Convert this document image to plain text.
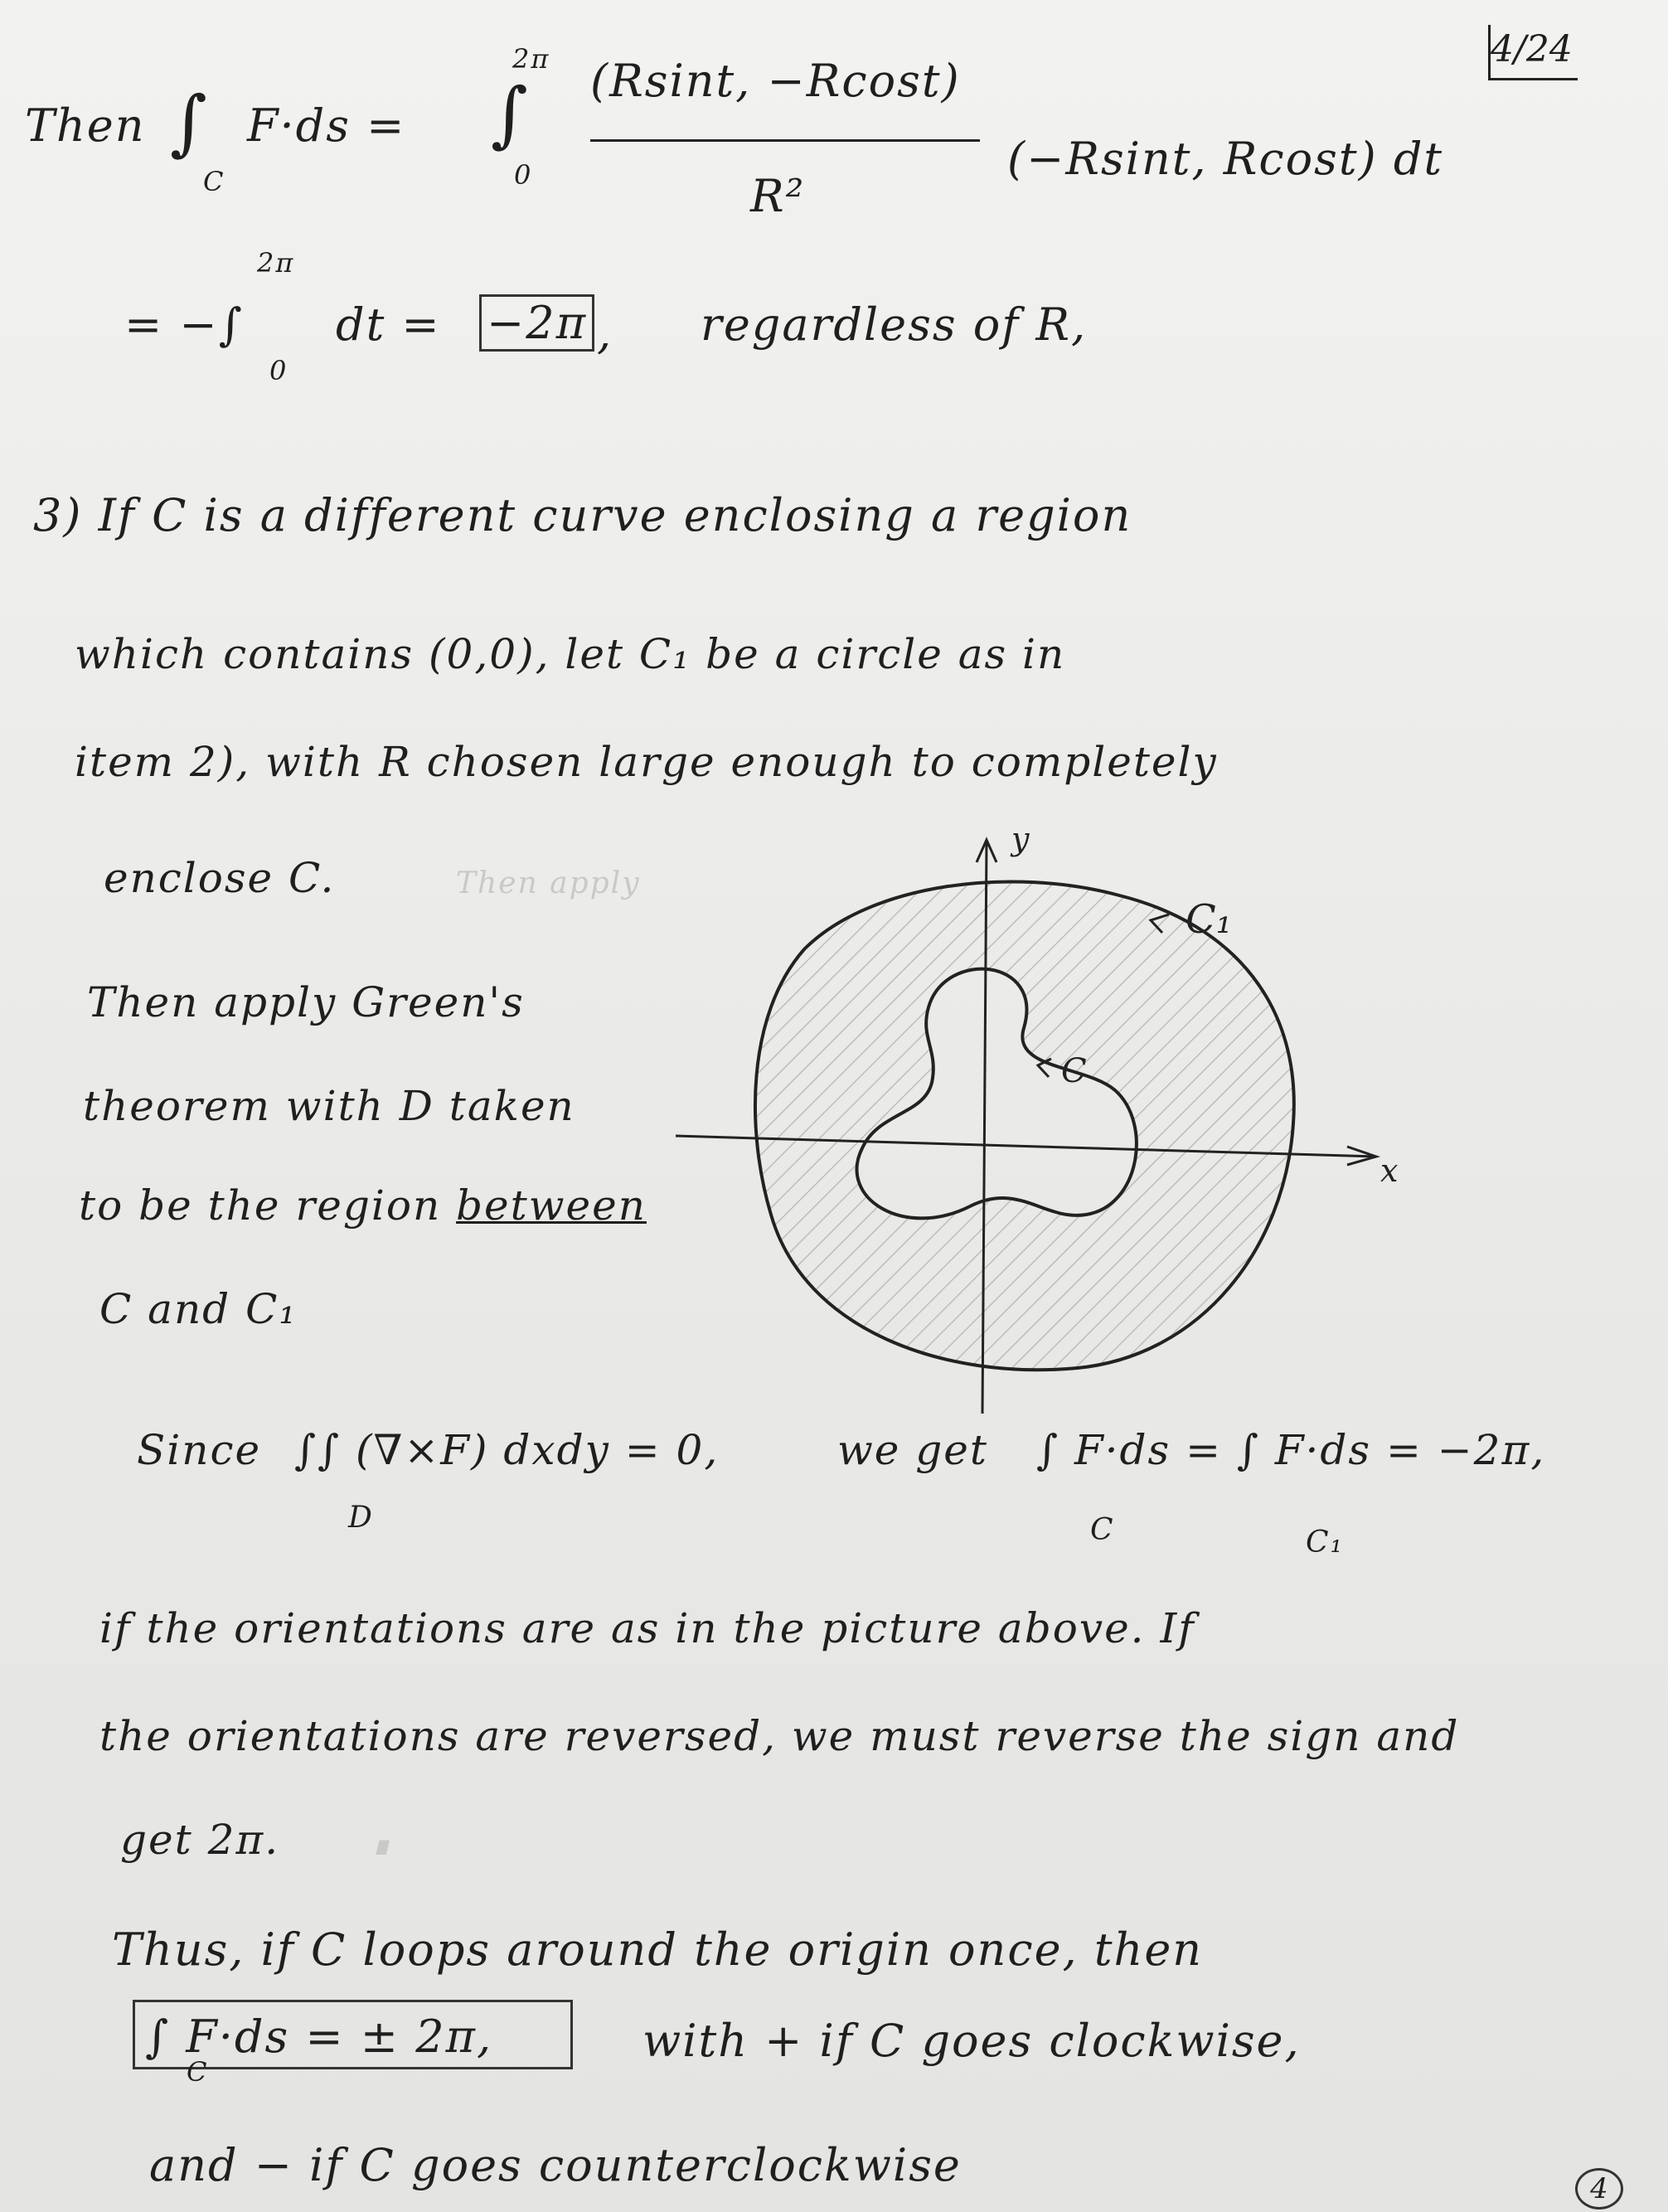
4/24
Then ∫
C
F·ds = ∫
2π
0
(Rsint, −Rcost)
R²
(−Rsint, Rcost) dt
= −∫
2π
0
dt = −2π , regardless of R,
3) If C is a different curve enclosing a region
which contains (0,0), let C₁ be a circle as in
item 2), with R chosen large enough to completely
enclose C.	Then apply
Then apply Green's
theorem with D taken
to be the region between
C and C₁
y
x
C₁
C
Since ∫∫ (∇×F) dxdy = 0,
D
we get ∫ F·ds = ∫ F·ds = −2π,
C	C₁
if the orientations are as in the picture above. If
the orientations are reversed, we must reverse the sign and
get 2π.	∎
Thus, if C loops around the origin once, then
∫ F·ds = ± 2π,
C
with + if C goes clockwise,
and − if C goes counterclockwise	4
